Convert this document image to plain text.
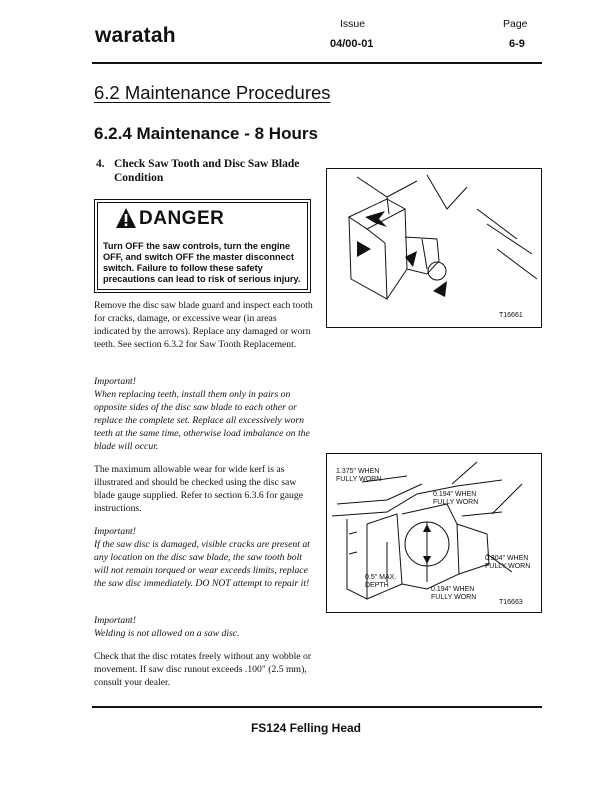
waratah	Issue
04/00-01
Page
6-9
6.2 Maintenance Procedures
6.2.4 Maintenance - 8 Hours
4. Check Saw Tooth and Disc Saw Blade Condition
DANGER
Turn OFF the saw controls, turn the engine OFF, and switch OFF the master disconnect switch. Failure to follow these safety precautions can lead to risk of serious injury.
Remove the disc saw blade guard and inspect each tooth for cracks, damage, or excessive wear (in areas indicated by the arrows). Replace any damaged or worn teeth. See section 6.3.2 for Saw Tooth Replacement.
Important!
When replacing teeth, install them only in pairs on opposite sides of the disc saw blade to each other or replace the complete set. Replace all excessively worn teeth at the same time, otherwise load imbalance on the blade will occur.
The maximum allowable wear for wide kerf is as illustrated and should be checked using the disc saw blade gauge supplied. Refer to section 6.3.6 for gauge instructions.
Important!
If the saw disc is damaged, visible cracks are present at any location on the disc saw blade, the saw tooth bolt will not remain torqued or wear exceeds limits, replace the saw disc immediately. DO NOT attempt to repair it!
Important!
Welding is not allowed on a saw disc.
Check that the disc rotates freely without any wobble or movement. If saw disc runout exceeds .100" (2.5 mm), consult your dealer.
T16661
1.375" WHEN
FULLY WORN
0.194" WHEN
FULLY WORN
0.304" WHEN
FULLY WORN
0.5" MAX.
DEPTH
0.194" WHEN
FULLY WORN
T16663
FS124 Felling Head
